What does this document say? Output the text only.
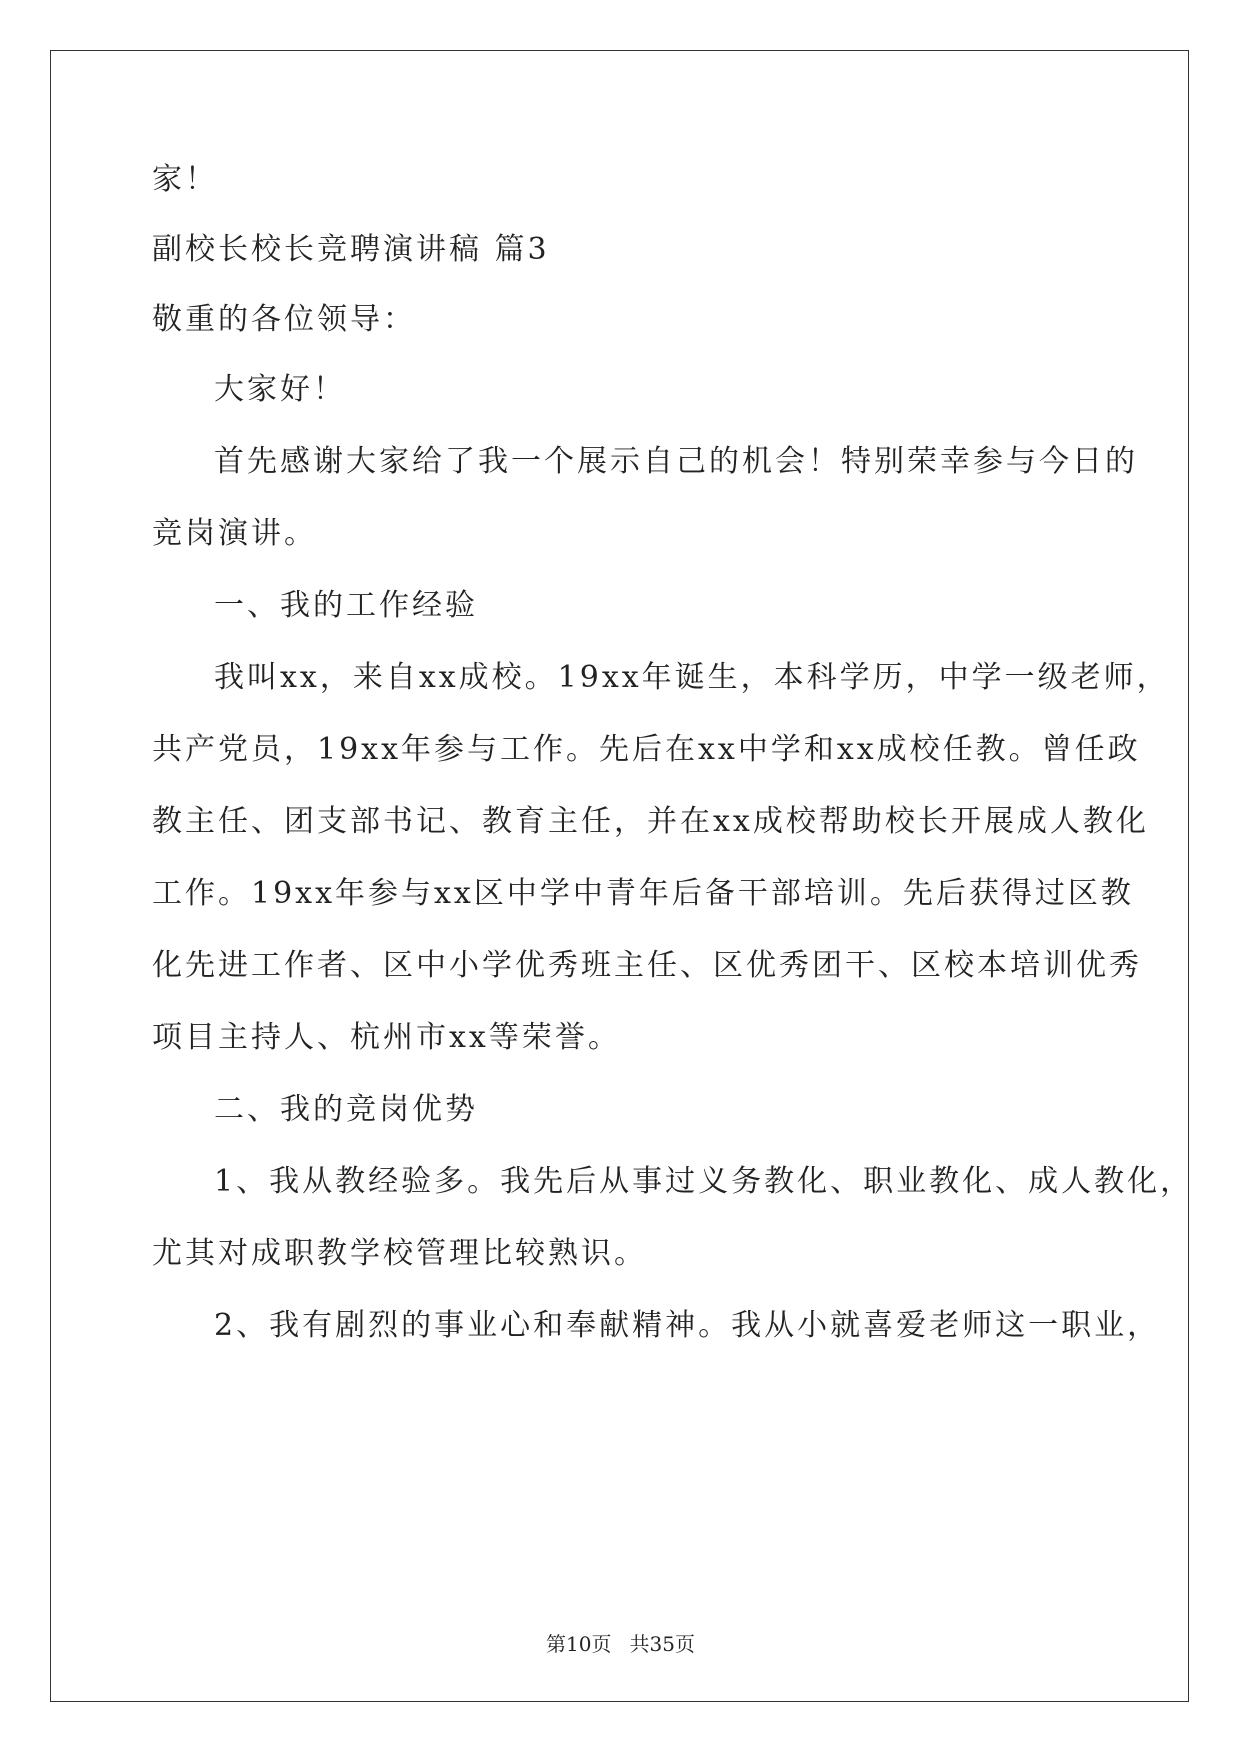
家！
副校长校长竞聘演讲稿 篇3
敬重的各位领导：
大家好！
首先感谢大家给了我一个展示自己的机会！特别荣幸参与今日的
竞岗演讲。
一、我的工作经验
我叫xx，来自xx成校。19xx年诞生，本科学历，中学一级老师，
共产党员，19xx年参与工作。先后在xx中学和xx成校任教。曾任政
教主任、团支部书记、教育主任，并在xx成校帮助校长开展成人教化
工作。19xx年参与xx区中学中青年后备干部培训。先后获得过区教
化先进工作者、区中小学优秀班主任、区优秀团干、区校本培训优秀
项目主持人、杭州市xx等荣誉。
二、我的竞岗优势
1、我从教经验多。我先后从事过义务教化、职业教化、成人教化，
尤其对成职教学校管理比较熟识。
2、我有剧烈的事业心和奉献精神。我从小就喜爱老师这一职业，
第10页 共35页
